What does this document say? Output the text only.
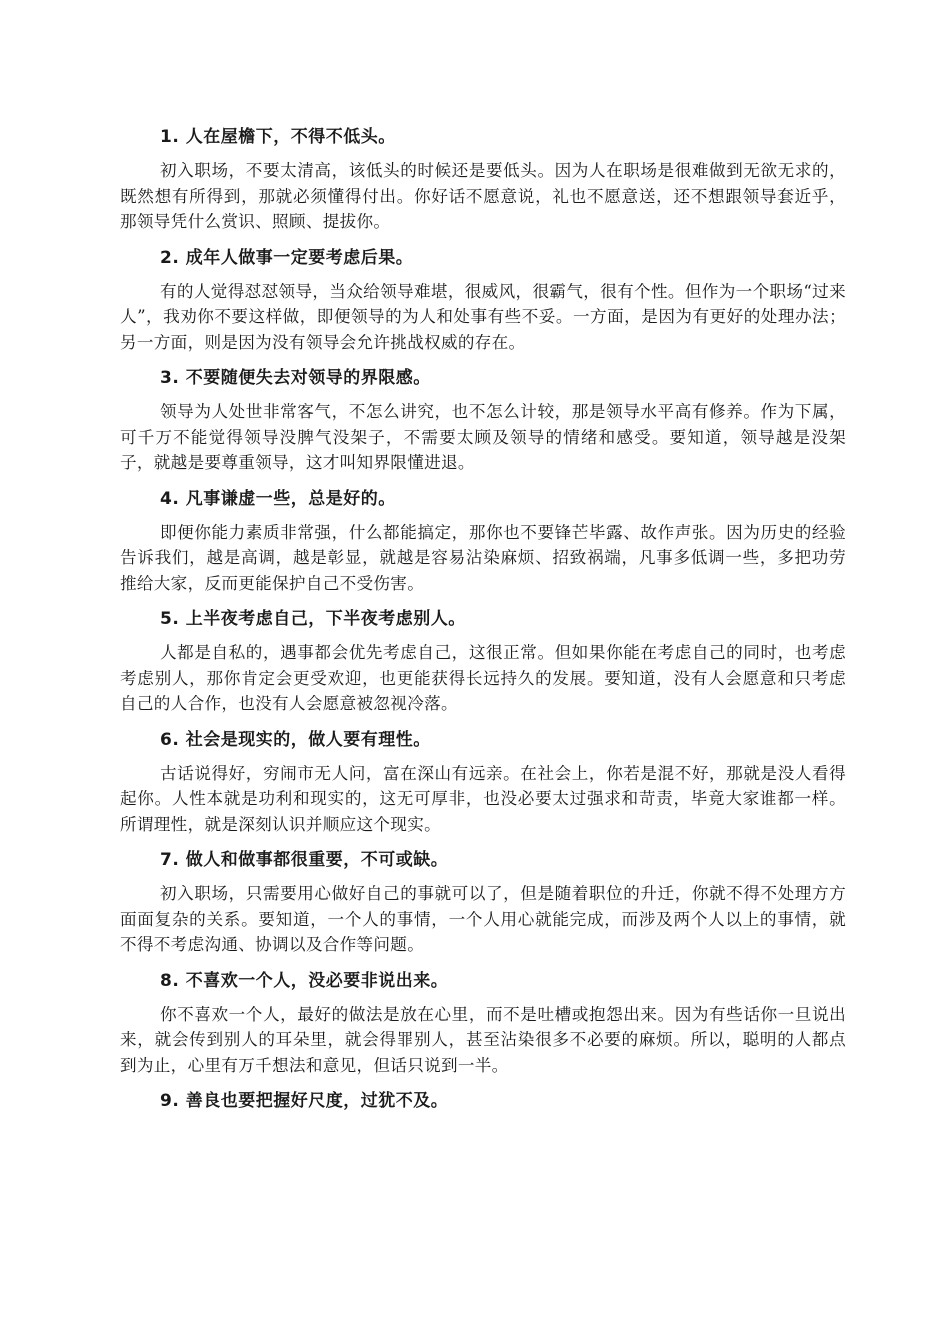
1. 人在屋檐下，不得不低头。

初入职场，不要太清高，该低头的时候还是要低头。因为人在职场是很难做到无欲无求的，既然想有所得到，那就必须懂得付出。你好话不愿意说，礼也不愿意送，还不想跟领导套近乎，那领导凭什么赏识、照顾、提拔你。

2. 成年人做事一定要考虑后果。

有的人觉得怼怼领导，当众给领导难堪，很威风，很霸气，很有个性。但作为一个职场“过来人”，我劝你不要这样做，即便领导的为人和处事有些不妥。一方面，是因为有更好的处理办法；另一方面，则是因为没有领导会允许挑战权威的存在。

3. 不要随便失去对领导的界限感。

领导为人处世非常客气，不怎么讲究，也不怎么计较，那是领导水平高有修养。作为下属，可千万不能觉得领导没脾气没架子，不需要太顾及领导的情绪和感受。要知道，领导越是没架子，就越是要尊重领导，这才叫知界限懂进退。

4. 凡事谦虚一些，总是好的。

即便你能力素质非常强，什么都能搞定，那你也不要锋芒毕露、故作声张。因为历史的经验告诉我们，越是高调，越是彰显，就越是容易沾染麻烦、招致祸端，凡事多低调一些，多把功劳推给大家，反而更能保护自己不受伤害。

5. 上半夜考虑自己，下半夜考虑别人。

人都是自私的，遇事都会优先考虑自己，这很正常。但如果你能在考虑自己的同时，也考虑考虑别人，那你肯定会更受欢迎，也更能获得长远持久的发展。要知道，没有人会愿意和只考虑自己的人合作，也没有人会愿意被忽视冷落。

6. 社会是现实的，做人要有理性。

古话说得好，穷闹市无人问，富在深山有远亲。在社会上，你若是混不好，那就是没人看得起你。人性本就是功利和现实的，这无可厚非，也没必要太过强求和苛责，毕竟大家谁都一样。所谓理性，就是深刻认识并顺应这个现实。

7. 做人和做事都很重要，不可或缺。

初入职场，只需要用心做好自己的事就可以了，但是随着职位的升迁，你就不得不处理方方面面复杂的关系。要知道，一个人的事情，一个人用心就能完成，而涉及两个人以上的事情，就不得不考虑沟通、协调以及合作等问题。

8. 不喜欢一个人，没必要非说出来。

你不喜欢一个人，最好的做法是放在心里，而不是吐槽或抱怨出来。因为有些话你一旦说出来，就会传到别人的耳朵里，就会得罪别人，甚至沾染很多不必要的麻烦。所以，聪明的人都点到为止，心里有万千想法和意见，但话只说到一半。

9. 善良也要把握好尺度，过犹不及。
